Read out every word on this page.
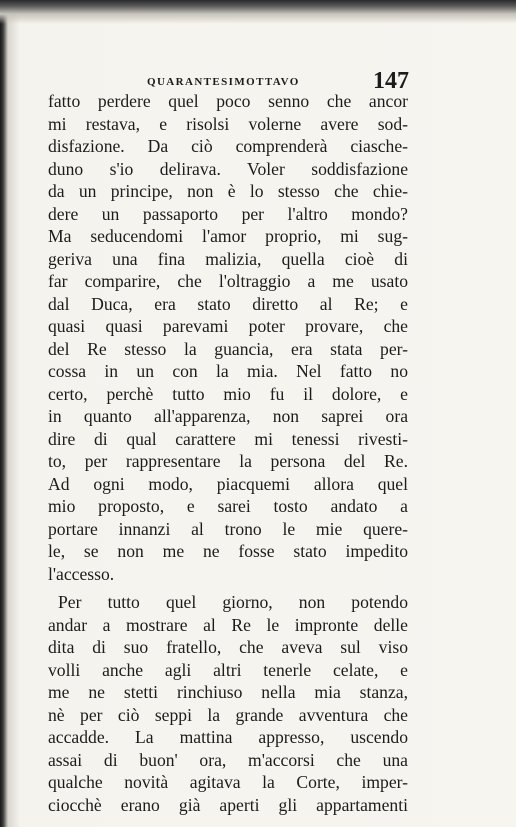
QUARANTESIMOTTAVO	147
fatto perdere quel poco senno che ancor
mi restava, e risolsi volerne avere sod-
disfazione. Da ciò comprenderà ciasche-
duno s'io delirava. Voler soddisfazione
da un principe, non è lo stesso che chie-
dere un passaporto per l'altro mondo?
Ma seducendomi l'amor proprio, mi sug-
geriva una fina malizia, quella cioè di
far comparire, che l'oltraggio a me usato
dal Duca, era stato diretto al Re; e
quasi quasi parevami poter provare, che
del Re stesso la guancia, era stata per-
cossa in un con la mia. Nel fatto no
certo, perchè tutto mio fu il dolore, e
in quanto all'apparenza, non saprei ora
dire di qual carattere mi tenessi rivesti-
to, per rappresentare la persona del Re.
Ad ogni modo, piacquemi allora quel
mio proposto, e sarei tosto andato a
portare innanzi al trono le mie quere-
le, se non me ne fosse stato impedito
l'accesso.
Per tutto quel giorno, non potendo
andar a mostrare al Re le impronte delle
dita di suo fratello, che aveva sul viso
volli anche agli altri tenerle celate, e
me ne stetti rinchiuso nella mia stanza,
nè per ciò seppi la grande avventura che
accadde. La mattina appresso, uscendo
assai di buon' ora, m'accorsi che una
qualche novità agitava la Corte, imper-
ciocchè erano già aperti gli appartamenti
